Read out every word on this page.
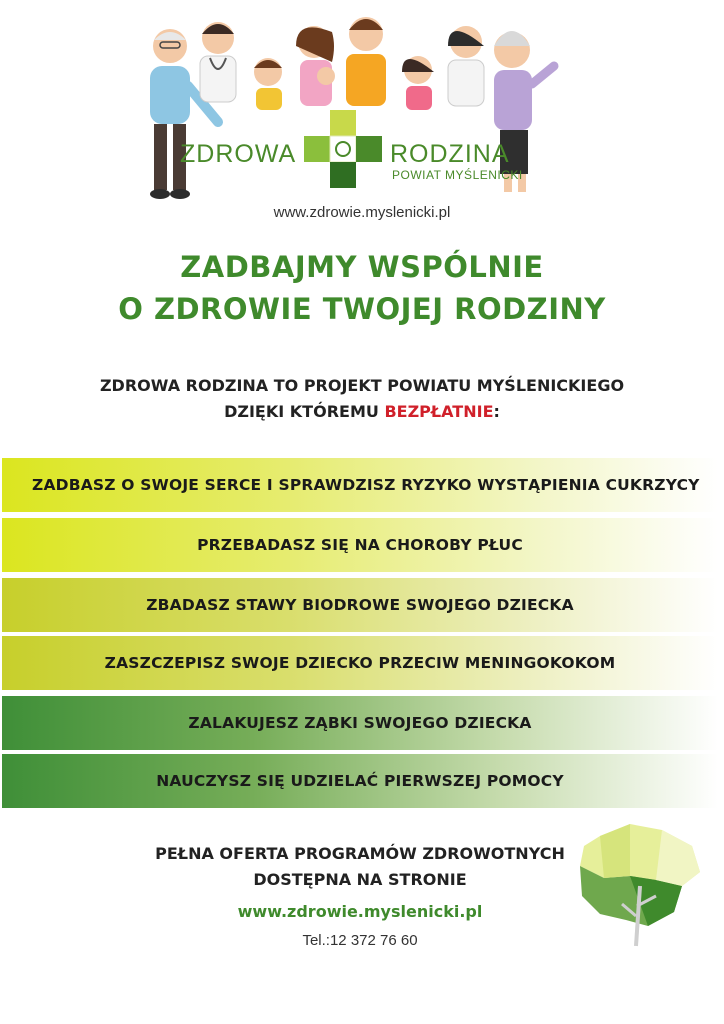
ZDROWA	RODZINA
POWIAT MYŚLENICKI
www.zdrowie.myslenicki.pl
ZADBAJMY WSPÓLNIE
O ZDROWIE TWOJEJ RODZINY
ZDROWA RODZINA TO PROJEKT POWIATU MYŚLENICKIEGO
DZIĘKI KTÓREMU BEZPŁATNIE:
ZADBASZ O SWOJE SERCE I SPRAWDZISZ RYZYKO WYSTĄPIENIA CUKRZYCY
PRZEBADASZ SIĘ NA CHOROBY PŁUC
ZBADASZ STAWY BIODROWE SWOJEGO DZIECKA
ZASZCZEPISZ SWOJE DZIECKO PRZECIW MENINGOKOKOM
ZALAKUJESZ ZĄBKI SWOJEGO DZIECKA
NAUCZYSZ SIĘ UDZIELAĆ PIERWSZEJ POMOCY
PEŁNA OFERTA PROGRAMÓW ZDROWOTNYCH
DOSTĘPNA NA STRONIE
www.zdrowie.myslenicki.pl
Tel.:12 372 76 60
